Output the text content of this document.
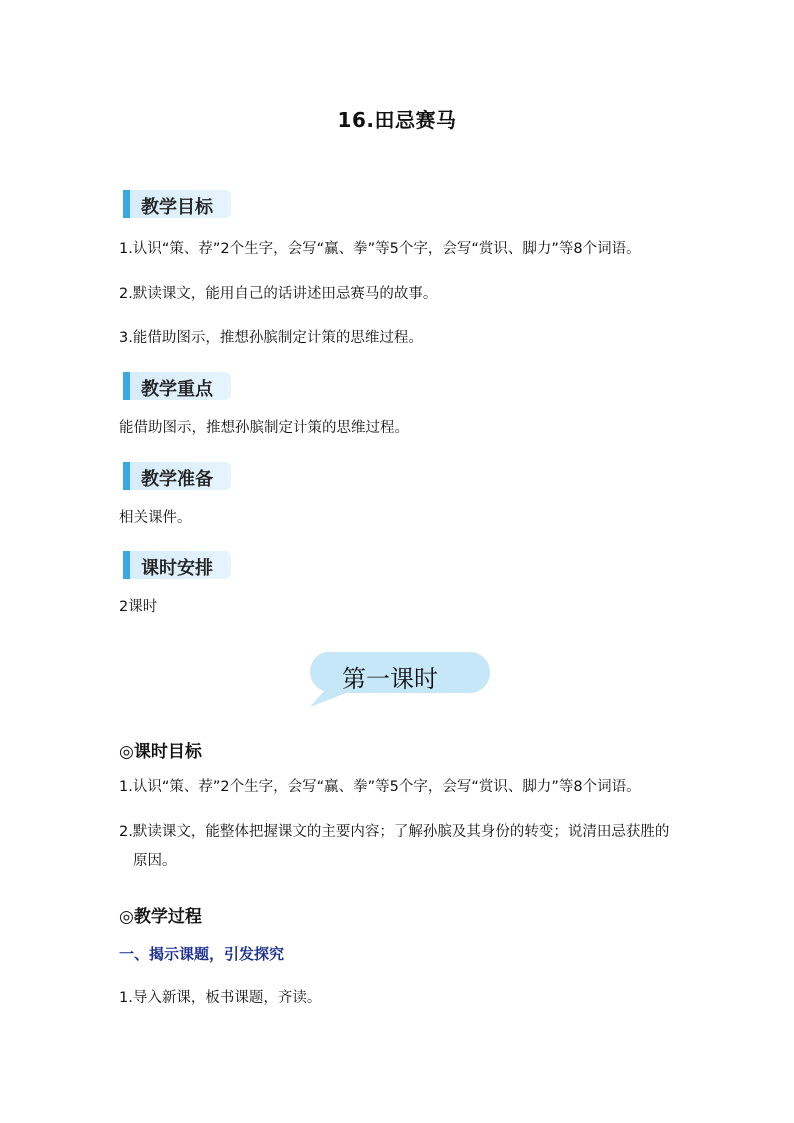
16.田忌赛马
教学目标
1.认识“策、荐”2个生字，会写“赢、拳”等5个字，会写“赏识、脚力”等8个词语。
2.默读课文，能用自己的话讲述田忌赛马的故事。
3.能借助图示，推想孙膑制定计策的思维过程。
教学重点
能借助图示，推想孙膑制定计策的思维过程。
教学准备
相关课件。
课时安排
2课时
第一课时
◎课时目标
1.认识“策、荐”2个生字，会写“赢、拳”等5个字，会写“赏识、脚力”等8个词语。
2.默读课文，能整体把握课文的主要内容；了解孙膑及其身份的转变；说清田忌获胜的
原因。
◎教学过程
一、揭示课题，引发探究
1.导入新课，板书课题，齐读。
